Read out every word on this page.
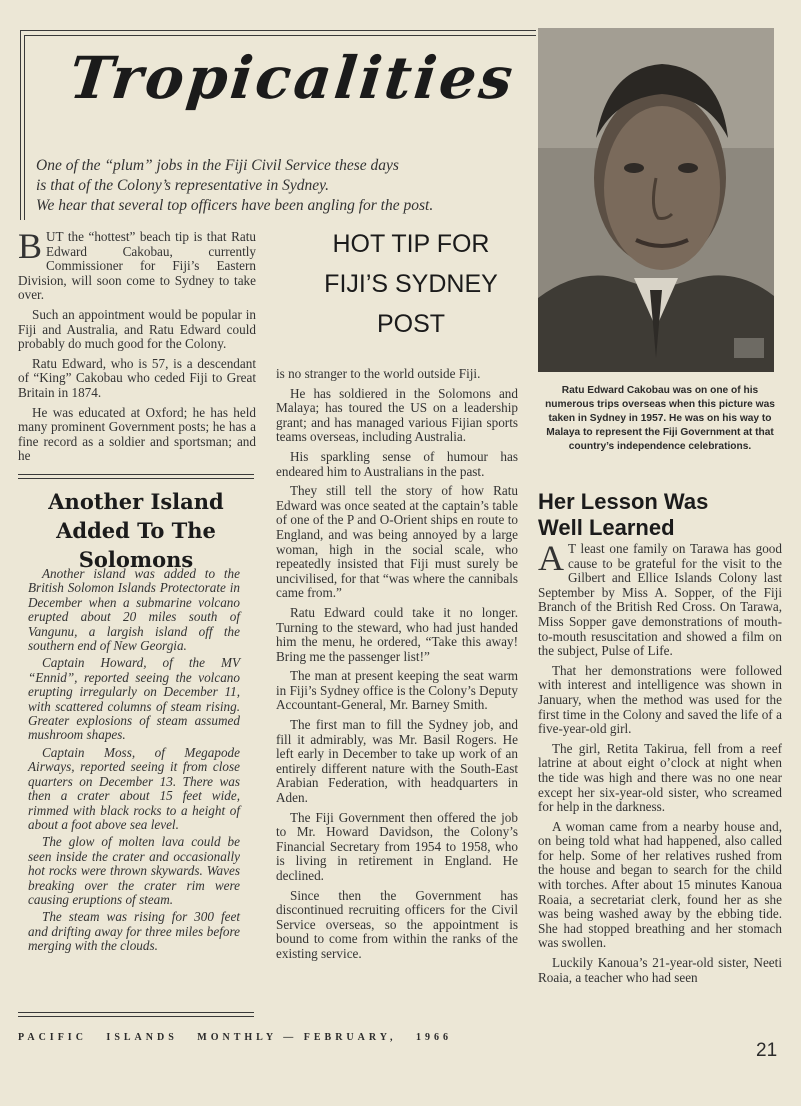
Tropicalities
One of the “plum” jobs in the Fiji Civil Service these days
is that of the Colony’s representative in Sydney.
We hear that several top officers have been angling for the post.
Ratu Edward Cakobau was on one of his numerous trips overseas when this picture was taken in Sydney in 1957. He was on his way to Malaya to represent the Fiji Government at that country’s independence celebrations.
HOT TIP FOR
FIJI’S SYDNEY
POST

BUT the “hottest” beach tip is that Ratu Edward Cakobau, currently Commissioner for Fiji’s Eastern Division, will soon come to Sydney to take over.

Such an appointment would be popular in Fiji and Australia, and Ratu Edward could probably do much good for the Colony.

Ratu Edward, who is 57, is a descendant of “King” Cakobau who ceded Fiji to Great Britain in 1874.

He was educated at Oxford; he has held many prominent Government posts; he has a fine record as a soldier and sportsman; and he

is no stranger to the world outside Fiji.

He has soldiered in the Solomons and Malaya; has toured the US on a leadership grant; and has managed various Fijian sports teams overseas, including Australia.

His sparkling sense of humour has endeared him to Australians in the past.

They still tell the story of how Ratu Edward was once seated at the captain’s table of one of the P and O-Orient ships en route to England, and was being annoyed by a large woman, high in the social scale, who repeatedly insisted that Fiji must surely be uncivilised, for that “was where the cannibals came from.”

Ratu Edward could take it no longer. Turning to the steward, who had just handed him the menu, he ordered, “Take this away! Bring me the passenger list!”

The man at present keeping the seat warm in Fiji’s Sydney office is the Colony’s Deputy Accountant-General, Mr. Barney Smith.

The first man to fill the Sydney job, and fill it admirably, was Mr. Basil Rogers. He left early in December to take up work of an entirely different nature with the South-East Arabian Federation, with headquarters in Aden.

The Fiji Government then offered the job to Mr. Howard Davidson, the Colony’s Financial Secretary from 1954 to 1958, who is living in retirement in England. He declined.

Since then the Government has discontinued recruiting officers for the Civil Service overseas, so the appointment is bound to come from within the ranks of the existing service.

Another Island
Added To The
Solomons

Another island was added to the British Solomon Islands Protectorate in December when a submarine volcano erupted about 20 miles south of Vangunu, a largish island off the southern end of New Georgia.

Captain Howard, of the MV “Ennid”, reported seeing the volcano erupting irregularly on December 11, with scattered columns of steam rising. Greater explosions of steam assumed mushroom shapes.

Captain Moss, of Megapode Airways, reported seeing it from close quarters on December 13. There was then a crater about 15 feet wide, rimmed with black rocks to a height of about a foot above sea level.

The glow of molten lava could be seen inside the crater and occasionally hot rocks were thrown skywards. Waves breaking over the crater rim were causing eruptions of steam.

The steam was rising for 300 feet and drifting away for three miles before merging with the clouds.

Her Lesson Was
Well Learned

A T least one family on Tarawa has good cause to be grateful for the visit to the Gilbert and Ellice Islands Colony last September by Miss A. Sopper, of the Fiji Branch of the British Red Cross. On Tarawa, Miss Sopper gave demonstrations of mouth-to-mouth resuscitation and showed a film on the subject, Pulse of Life.

That her demonstrations were followed with interest and intelligence was shown in January, when the method was used for the first time in the Colony and saved the life of a five-year-old girl.

The girl, Retita Takirua, fell from a reef latrine at about eight o’clock at night when the tide was high and there was no one near except her six-year-old sister, who screamed for help in the darkness.

A woman came from a nearby house and, on being told what had happened, also called for help. Some of her relatives rushed from the house and began to search for the child with torches. After about 15 minutes Kanoua Roaia, a secretariat clerk, found her as she was being washed away by the ebbing tide. She had stopped breathing and her stomach was swollen.

Luckily Kanoua’s 21-year-old sister, Neeti Roaia, a teacher who had seen

PACIFIC   ISLANDS   MONTHLY — FEBRUARY,   1966
21
